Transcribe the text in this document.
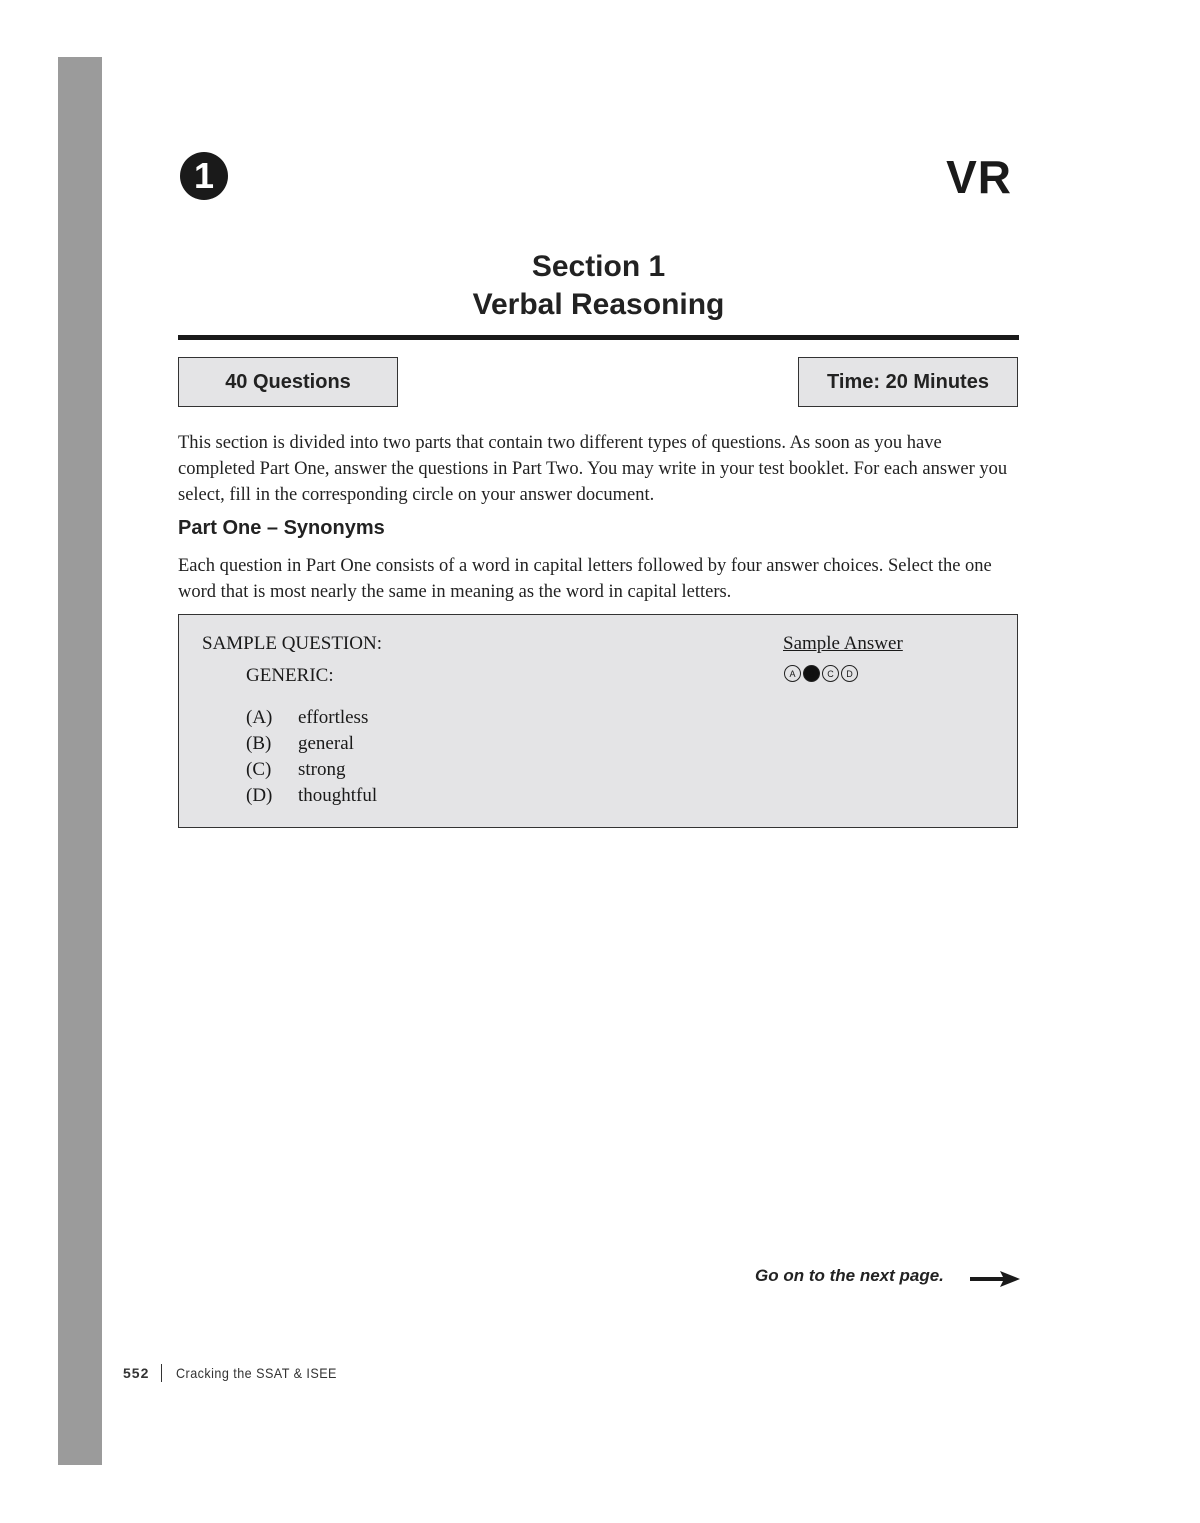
1	VR
Section 1
Verbal Reasoning
40 Questions	Time: 20 Minutes

This section is divided into two parts that contain two different types of questions. As soon as you have completed Part One, answer the questions in Part Two. You may write in your test booklet. For each answer you select, fill in the corresponding circle on your answer document.

Part One – Synonyms

Each question in Part One consists of a word in capital letters followed by four answer choices. Select the one word that is most nearly the same in meaning as the word in capital letters.

SAMPLE QUESTION:
GENERIC:
(A)	effortless
(B)	general
(C)	strong
(D)	thoughtful
Sample Answer
A	B	C	D
Go on to the next page.
552 Cracking the SSAT & ISEE
